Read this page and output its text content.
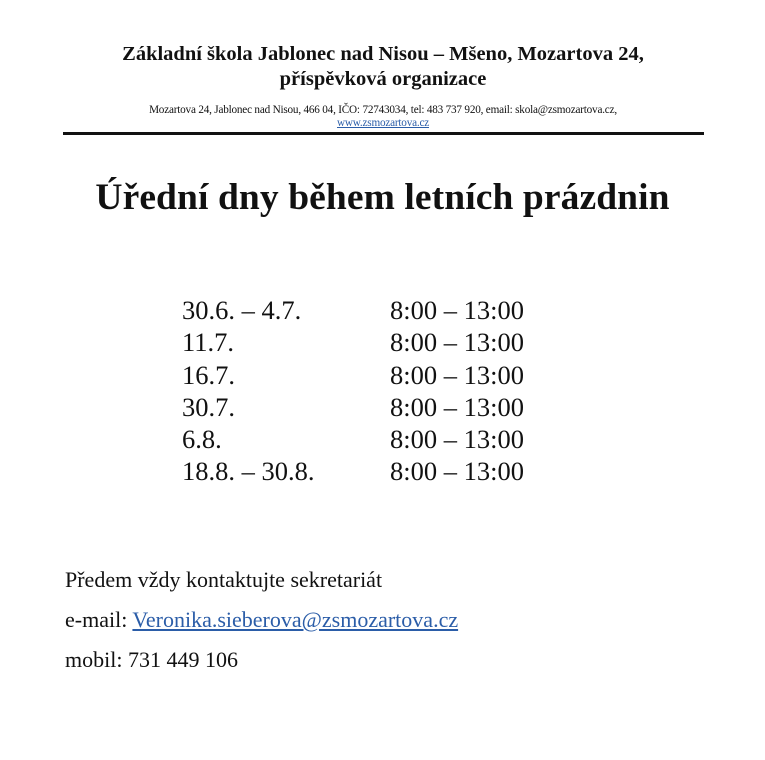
Základní škola Jablonec nad Nisou – Mšeno, Mozartova 24,
příspěvková organizace
Mozartova 24, Jablonec nad Nisou, 466 04, IČO: 72743034, tel: 483 737 920, email: skola@zsmozartova.cz,
www.zsmozartova.cz
Úřední dny během letních prázdnin
30.6. – 4.7.	8:00 – 13:00
11.7.	8:00 – 13:00
16.7.	8:00 – 13:00
30.7.	8:00 – 13:00
6.8.	8:00 – 13:00
18.8. – 30.8.	8:00 – 13:00
Předem vždy kontaktujte sekretariát
e-mail: Veronika.sieberova@zsmozartova.cz
mobil: 731 449 106
